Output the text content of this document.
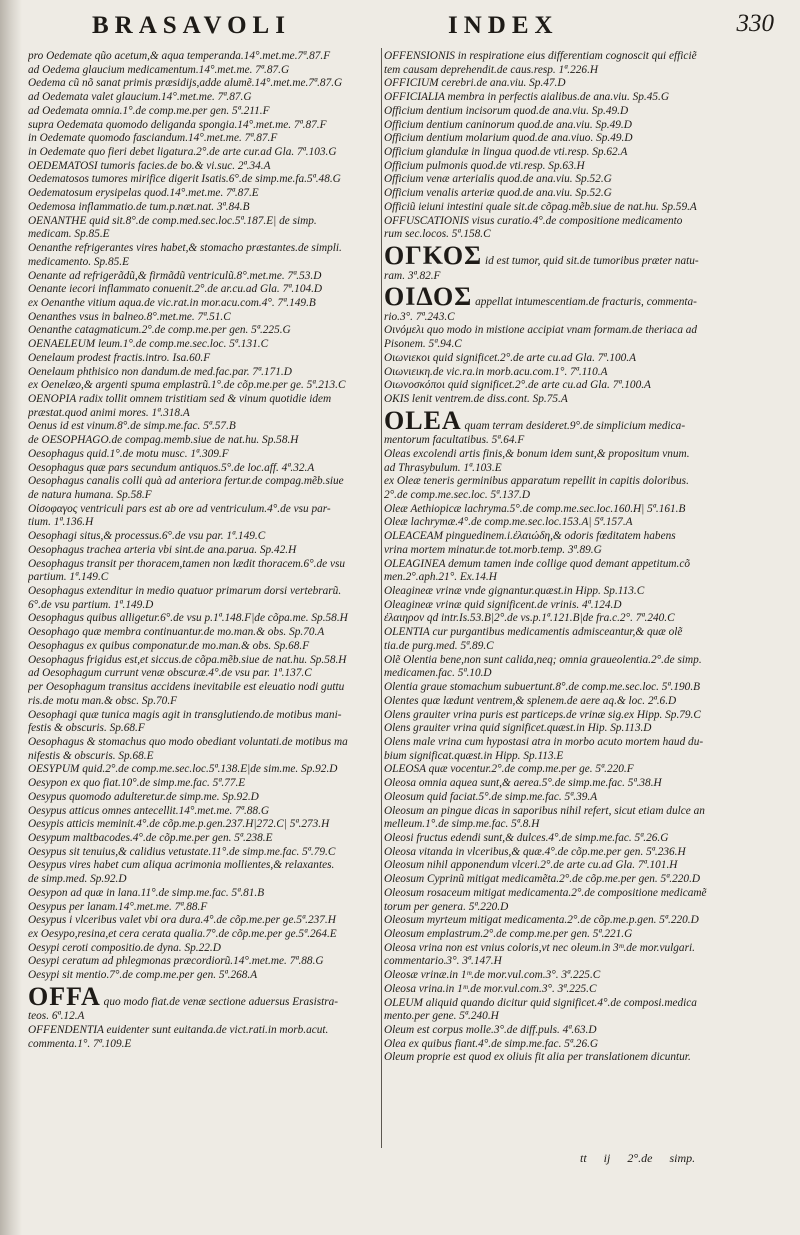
BRASAVOLI	INDEX	330
pro Oedemate qũo acetum,& aqua temperanda.14°.met.me.7ª.87.F
ad Oedema glaucium medicamentum.14°.met.me. 7ª.87.G
Oedema cũ nõ sanat primis præsidijs,adde alumẽ.14°.met.me.7ª.87.G
ad Oedemata valet glaucium.14°.met.me. 7ª.87.G
ad Oedemata omnia.1°.de comp.me.per gen. 5ª.211.F
supra Oedemata quomodo deliganda spongia.14°.met.me. 7ª.87.F
in Oedemate quomodo fasciandum.14°.met.me. 7ª.87.F
in Oedemate quo fieri debet ligatura.2°.de arte cur.ad Gla. 7ª.103.G
OEDEMATOSI tumoris facies.de bo.& vi.suc. 2ª.34.A
Oedematosos tumores mirifice digerit Isatis.6°.de simp.me.fa.5ª.48.G
Oedematosum erysipelas quod.14°.met.me. 7ª.87.E
Oedemosa inflammatio.de tum.p.næt.nat. 3ª.84.B
OENANTHE quid sit.8°.de comp.med.sec.loc.5ª.187.E| de simp.
medicam. Sp.85.E
Oenanthe refrigerantes vires habet,& stomacho præstantes.de simpli.
medicamento. Sp.85.E
Oenante ad refrigerãdũ,& firmãdũ ventriculũ.8°.met.me. 7ª.53.D
Oenante iecori inflammato conuenit.2°.de ar.cu.ad Gla. 7ª.104.D
ex Oenanthe vitium aqua.de vic.rat.in mor.acu.com.4°. 7ª.149.B
Oenanthes vsus in balneo.8°.met.me. 7ª.51.C
Oenanthe catagmaticum.2°.de comp.me.per gen. 5ª.225.G
OENAELEUM leum.1°.de comp.me.sec.loc. 5ª.131.C
Oenelaum prodest fractis.intro. Isa.60.F
Oenelaum phthisico non dandum.de med.fac.par. 7ª.171.D
ex Oenelæo,& argenti spuma emplastrũ.1°.de cõp.me.per ge. 5ª.213.C
OENOPIA radix tollit omnem tristitiam sed & vinum quotidie idem
præstat.quod animi mores. 1ª.318.A
Oenus id est vinum.8°.de simp.me.fac. 5ª.57.B
de OESOPHAGO.de compag.memb.siue de nat.hu. Sp.58.H
Oesophagus quid.1°.de motu musc. 1ª.309.F
Oesophagus quæ pars secundum antiquos.5°.de loc.aff. 4ª.32.A
Oesophagus canalis colli quà ad anteriora fertur.de compag.mẽb.siue
de natura humana. Sp.58.F
Oἰσοφαγος ventriculi pars est ab ore ad ventriculum.4°.de vsu par-
tium. 1ª.136.H
Oesophagi situs,& processus.6°.de vsu par. 1ª.149.C
Oesophagus trachea arteria vbi sint.de ana.parua. Sp.42.H
Oesophagus transit per thoracem,tamen non lædit thoracem.6°.de vsu
partium. 1ª.149.C
Oesophagus extenditur in medio quatuor primarum dorsi vertebrarũ.
6°.de vsu partium. 1ª.149.D
Oesophagus quibus alligetur.6°.de vsu p.1ª.148.F|de cõpa.me. Sp.58.H
Oesophago quæ membra continuantur.de mo.man.& obs. Sp.70.A
Oesophagus ex quibus componatur.de mo.man.& obs. Sp.68.F
Oesophagus frigidus est,et siccus.de cõpa.mẽb.siue de nat.hu. Sp.58.H
ad Oesophagum currunt venæ obscuræ.4°.de vsu par. 1ª.137.C
per Oesophagum transitus accidens inevitabile est eleuatio nodi guttu
ris.de motu man.& obsc. Sp.70.F
Oesophagi quæ tunica magis agit in transglutiendo.de motibus mani-
festis & obscuris. Sp.68.F
Oesophagus & stomachus quo modo obediant voluntati.de motibus ma
nifestis & obscuris. Sp.68.E
OESYPUM quid.2°.de comp.me.sec.loc.5ª.138.E|de sim.me. Sp.92.D
Oesypon ex quo fiat.10°.de simp.me.fac. 5ª.77.E
Oesypus quomodo adulteretur.de simp.me. Sp.92.D
Oesypus atticus omnes antecellit.14°.met.me. 7ª.88.G
Oesypis atticis meminit.4°.de cõp.me.p.gen.237.H|272.C| 5ª.273.H
Oesypum maltbacodes.4°.de cõp.me.per gen. 5ª.238.E
Oesypus sit tenuius,& calidius vetustate.11°.de simp.me.fac. 5ª.79.C
Oesypus vires habet cum aliqua acrimonia mollientes,& relaxantes.
de simp.med. Sp.92.D
Oesypon ad quæ in lana.11°.de simp.me.fac. 5ª.81.B
Oesypus per lanam.14°.met.me. 7ª.88.F
Oesypus i vlceribus valet vbi ora dura.4°.de cõp.me.per ge.5ª.237.H
ex Oesypo,resina,et cera cerata qualia.7°.de cõp.me.per ge.5ª.264.E
Oesypi ceroti compositio.de dyna. Sp.22.D
Oesypi ceratum ad phlegmonas præcordiorũ.14°.met.me. 7ª.88.G
Oesypi sit mentio.7°.de comp.me.per gen. 5ª.268.A
OFFA quo modo fiat.de venæ sectione aduersus Erasistra-
teos. 6ª.12.A
OFFENDENTIA euidenter sunt euitanda.de vict.rati.in morb.acut.
commenta.1°. 7ª.109.E
OFFENSIONIS in respiratione eius differentiam cognoscit qui efficiẽ
tem causam deprehendit.de caus.resp. 1ª.226.H
OFFICIUM cerebri.de ana.viu. Sp.47.D
OFFICIALIA membra in perfectis aialibus.de ana.viu. Sp.45.G
Officium dentium incisorum quod.de ana.viu. Sp.49.D
Officium dentium caninorum quod.de ana.viu. Sp.49.D
Officium dentium molarium quod.de ana.viuo. Sp.49.D
Officium glandulæ in lingua quod.de vti.resp. Sp.62.A
Officium pulmonis quod.de vti.resp. Sp.63.H
Officium venæ arterialis quod.de ana.viu. Sp.52.G
Officium venalis arteriæ quod.de ana.viu. Sp.52.G
Officiũ ieiuni intestini quale sit.de cõpag.mẽb.siue de nat.hu. Sp.59.A
OFFUSCATIONIS visus curatio.4°.de compositione medicamento
rum sec.locos. 5ª.158.C
ΟΓΚΟΣ id est tumor, quid sit.de tumoribus præter natu-
ram. 3ª.82.F
ΟΙΔΟΣ appellat intumescentiam.de fracturis, commenta-
rio.3°. 7ª.243.C
Oινόμελι quo modo in mistione accipiat vnam formam.de theriaca ad
Pisonem. 5ª.94.C
Oιωνιεκοι quid significet.2°.de arte cu.ad Gla. 7ª.100.A
Oιωνιεικη.de vic.ra.in morb.acu.com.1°. 7ª.110.A
Oιωνοσκόποι quid significet.2°.de arte cu.ad Gla. 7ª.100.A
OKIS lenit ventrem.de diss.cont. Sp.75.A
OLEA quam terram desideret.9°.de simplicium medica-
mentorum facultatibus. 5ª.64.F
Oleas excolendi artis finis,& bonum idem sunt,& propositum vnum.
ad Thrasybulum. 1ª.103.E
ex Oleæ teneris germinibus apparatum repellit in capitis doloribus.
2°.de comp.me.sec.loc. 5ª.137.D
Oleæ Aethiopicæ lachryma.5°.de comp.me.sec.loc.160.H| 5ª.161.B
Oleæ lachrymæ.4°.de comp.me.sec.loc.153.A| 5ª.157.A
OLEACEAM pinguedinem.i.ἐλαιώδη,& odoris fœditatem habens
vrina mortem minatur.de tot.morb.temp. 3ª.89.G
OLEAGINEA demum tamen inde collige quod demant appetitum.cõ
men.2°.aph.21°. Ex.14.H
Oleagineæ vrinæ vnde gignantur.quæst.in Hipp. Sp.113.C
Oleagineæ vrinæ quid significent.de vrinis. 4ª.124.D
ἐλαιηρον qd intr.Is.53.B|2°.de vs.p.1ª.121.B|de fra.c.2°. 7ª.240.C
OLENTIA cur purgantibus medicamentis admisceantur,& quæ olẽ
tia.de purg.med. 5ª.89.C
Olẽ Olentia bene,non sunt calida,neq; omnia graueolentia.2°.de simp.
medicamen.fac. 5ª.10.D
Olentia graue stomachum subuertunt.8°.de comp.me.sec.loc. 5ª.190.B
Olentes quæ lædunt ventrem,& splenem.de aere aq.& loc. 2ª.6.D
Olens grauiter vrina puris est particeps.de vrinæ sig.ex Hipp. Sp.79.C
Olens grauiter vrina quid significet.quæst.in Hip. Sp.113.D
Olens male vrina cum hypostasi atra in morbo acuto mortem haud du-
bium significat.quæst.in Hipp. Sp.113.E
OLEOSA quæ vocentur.2°.de comp.me.per ge. 5ª.220.F
Oleosa omnia aquea sunt,& aerea.5°.de simp.me.fac. 5ª.38.H
Oleosum quid faciat.5°.de simp.me.fac. 5ª.39.A
Oleosum an pingue dicas in saporibus nihil refert, sicut etiam dulce an
melleum.1°.de simp.me.fac. 5ª.8.H
Oleosi fructus edendi sunt,& dulces.4°.de simp.me.fac. 5ª.26.G
Oleosa vitanda in vlceribus,& quæ.4°.de cõp.me.per gen. 5ª.236.H
Oleosum nihil apponendum vlceri.2°.de arte cu.ad Gla. 7ª.101.H
Oleosum Cyprinũ mitigat medicamẽta.2°.de cõp.me.per gen. 5ª.220.D
Oleosum rosaceum mitigat medicamenta.2°.de compositione medicamẽ
torum per genera. 5ª.220.D
Oleosum myrteum mitigat medicamenta.2°.de cõp.me.p.gen. 5ª.220.D
Oleosum emplastrum.2°.de comp.me.per gen. 5ª.221.G
Oleosa vrina non est vnius coloris,vt nec oleum.in 3ᵐ.de mor.vulgari.
commentario.3°. 3ª.147.H
Oleosæ vrinæ.in 1ᵐ.de mor.vul.com.3°. 3ª.225.C
Oleosa vrina.in 1ᵐ.de mor.vul.com.3°. 3ª.225.C
OLEUM aliquid quando dicitur quid significet.4°.de composi.medica
mento.per gene. 5ª.240.H
Oleum est corpus molle.3°.de diff.puls. 4ª.63.D
Olea ex quibus fiant.4°.de simp.me.fac. 5ª.26.G
Oleum proprie est quod ex oliuis fit alia per translationem dicuntur.
tt ij 2°.de simp.
